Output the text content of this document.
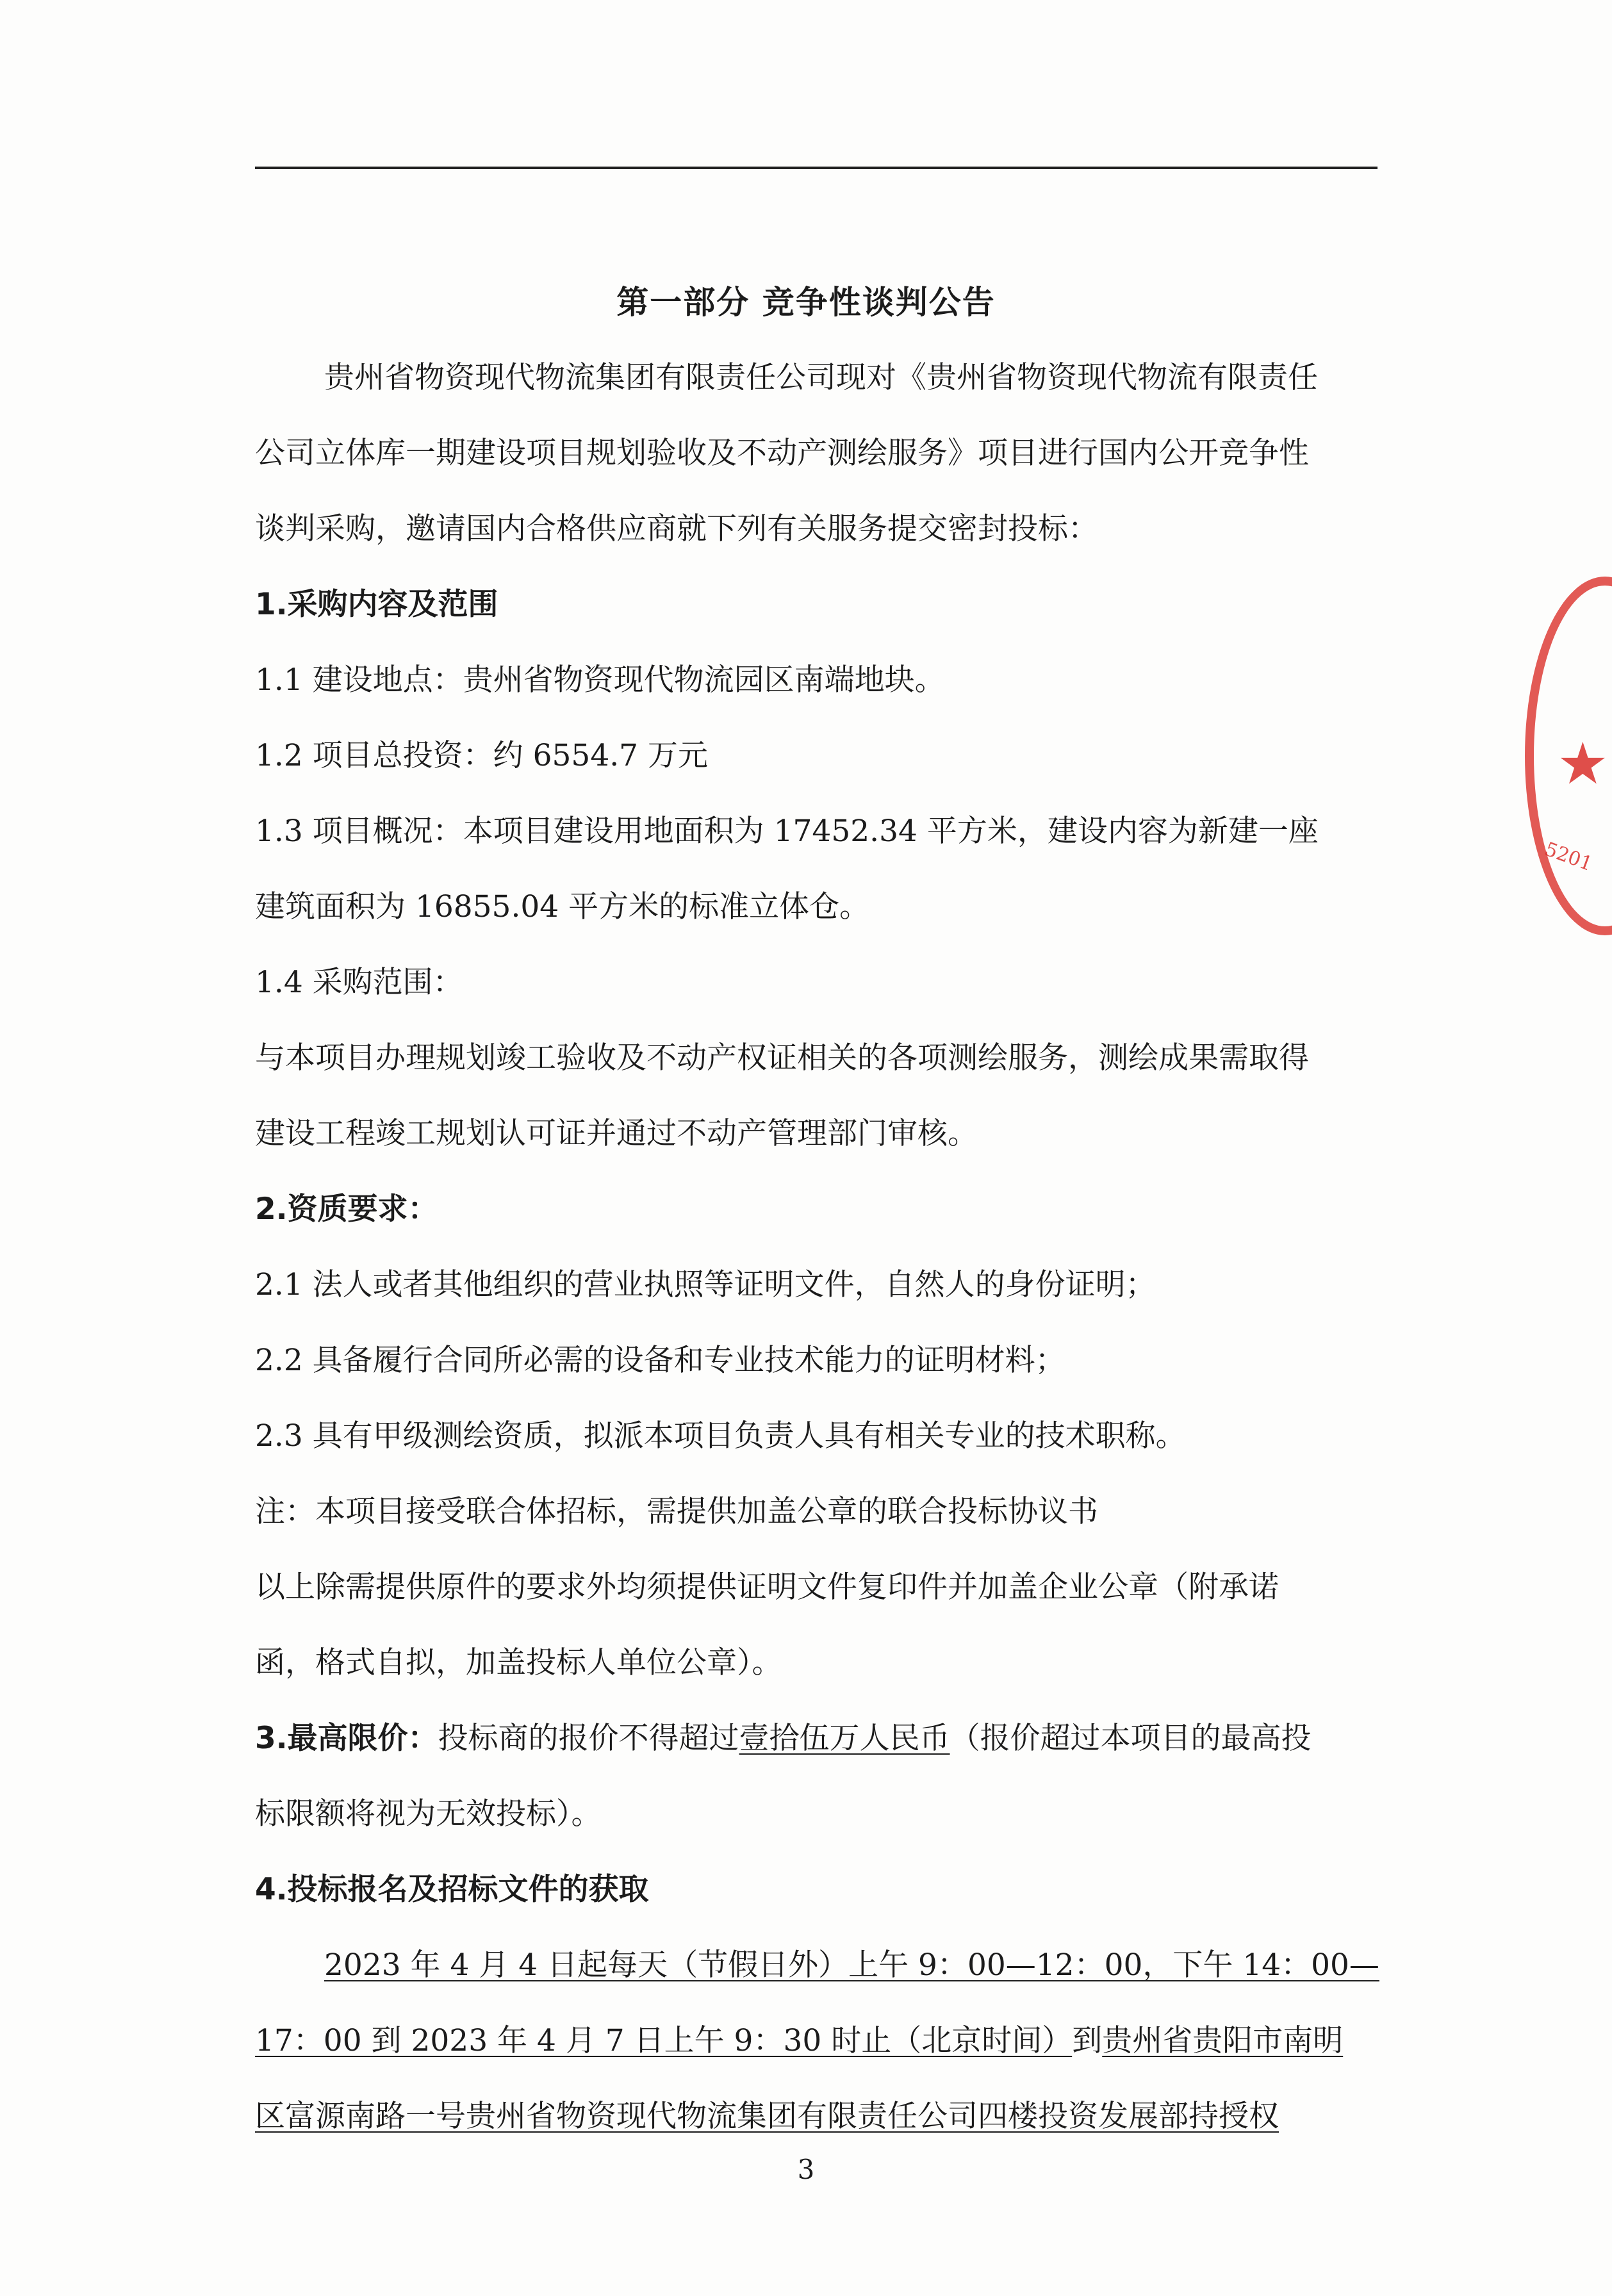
第一部分 竞争性谈判公告
贵州省物资现代物流集团有限责任公司现对《贵州省物资现代物流有限责任
公司立体库一期建设项目规划验收及不动产测绘服务》项目进行国内公开竞争性
谈判采购，邀请国内合格供应商就下列有关服务提交密封投标：
1.采购内容及范围
1.1 建设地点：贵州省物资现代物流园区南端地块。
1.2 项目总投资：约 6554.7 万元
1.3 项目概况：本项目建设用地面积为 17452.34 平方米，建设内容为新建一座
建筑面积为 16855.04 平方米的标准立体仓。
1.4 采购范围：
与本项目办理规划竣工验收及不动产权证相关的各项测绘服务，测绘成果需取得
建设工程竣工规划认可证并通过不动产管理部门审核。
2.资质要求：
2.1 法人或者其他组织的营业执照等证明文件，自然人的身份证明；
2.2 具备履行合同所必需的设备和专业技术能力的证明材料；
2.3 具有甲级测绘资质，拟派本项目负责人具有相关专业的技术职称。
注：本项目接受联合体招标，需提供加盖公章的联合投标协议书
以上除需提供原件的要求外均须提供证明文件复印件并加盖企业公章（附承诺
函，格式自拟，加盖投标人单位公章）。
3.最高限价：投标商的报价不得超过壹拾伍万人民币（报价超过本项目的最高投
标限额将视为无效投标）。
4.投标报名及招标文件的获取
2023 年 4 月 4 日起每天（节假日外）上午 9：00—12：00，下午 14：00—
17：00 到 2023 年 4 月 7 日上午 9：30 时止（北京时间）到贵州省贵阳市南明
区富源南路一号贵州省物资现代物流集团有限责任公司四楼投资发展部持授权
3
★
5201
